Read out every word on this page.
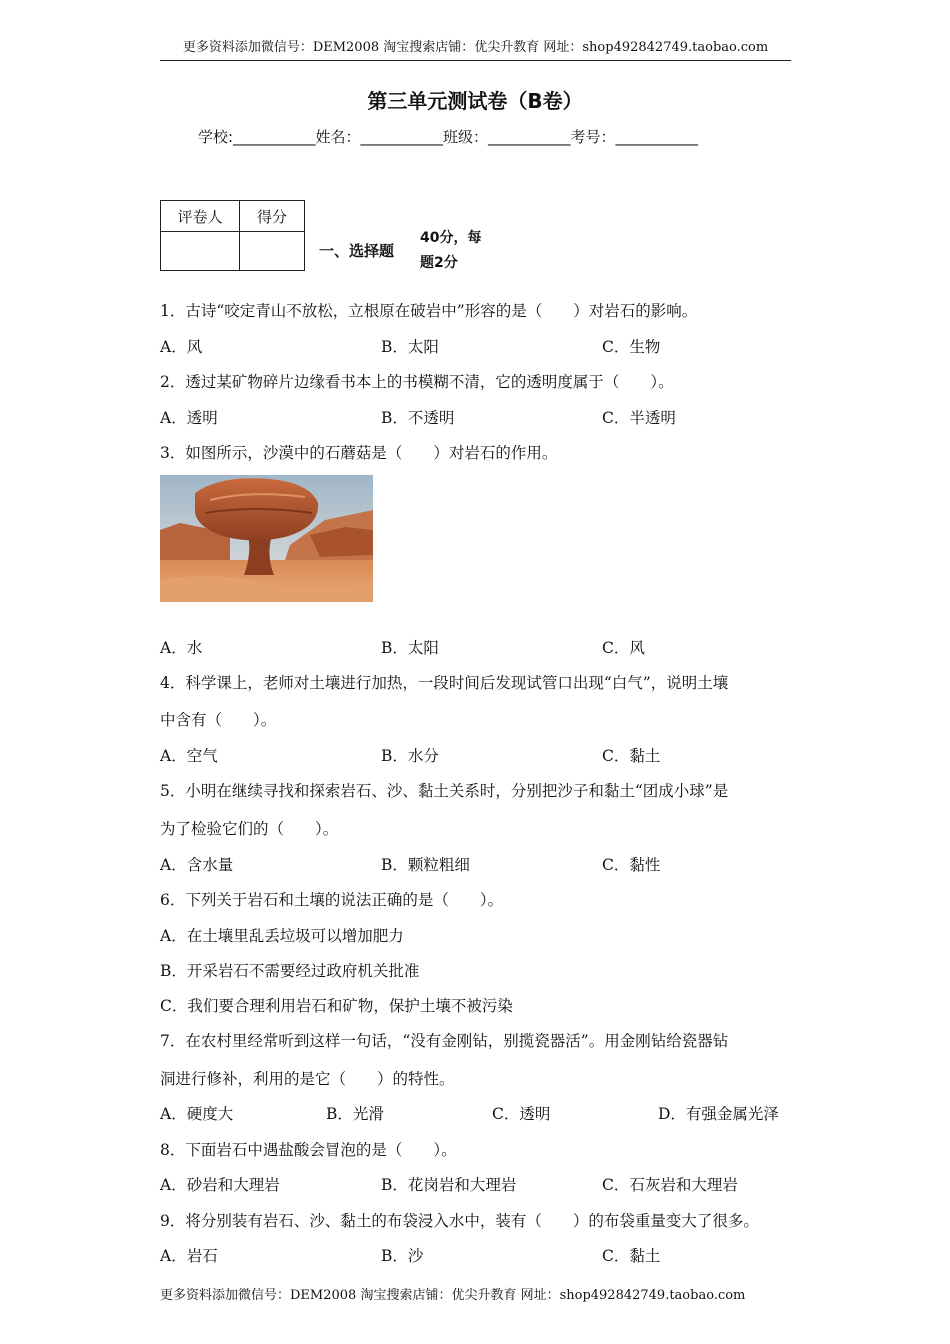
更多资料添加微信号：DEM2008 淘宝搜索店铺：优尖升教育 网址：shop492842749.taobao.com
第三单元测试卷（B卷）
学校:___________姓名：___________班级：___________考号：___________
评卷人	得分

一、选择题
40分，每
题2分
1．古诗“咬定青山不放松，立根原在破岩中”形容的是（　　）对岩石的影响。
A．风	B．太阳	C．生物
2．透过某矿物碎片边缘看书本上的书模糊不清，它的透明度属于（　　）。
A．透明	B．不透明	C．半透明
3．如图所示，沙漠中的石蘑菇是（　　）对岩石的作用。
A．水	B．太阳	C．风
4．科学课上，老师对土壤进行加热，一段时间后发现试管口出现“白气”，说明土壤
中含有（　　）。
A．空气	B．水分	C．黏土
5．小明在继续寻找和探索岩石、沙、黏土关系时，分别把沙子和黏土“团成小球”是
为了检验它们的（　　）。
A．含水量	B．颗粒粗细	C．黏性
6．下列关于岩石和土壤的说法正确的是（　　）。
A．在土壤里乱丢垃圾可以增加肥力
B．开采岩石不需要经过政府机关批准
C．我们要合理利用岩石和矿物，保护土壤不被污染
7．在农村里经常听到这样一句话，“没有金刚钻，别揽瓷器活”。用金刚钻给瓷器钻
洞进行修补，利用的是它（　　）的特性。
A．硬度大	B．光滑	C．透明	D．有强金属光泽
8．下面岩石中遇盐酸会冒泡的是（　　）。
A．砂岩和大理岩	B．花岗岩和大理岩	C．石灰岩和大理岩
9．将分别装有岩石、沙、黏土的布袋浸入水中，装有（　　）的布袋重量变大了很多。
A．岩石	B．沙	C．黏土
更多资料添加微信号：DEM2008 淘宝搜索店铺：优尖升教育 网址：shop492842749.taobao.com
